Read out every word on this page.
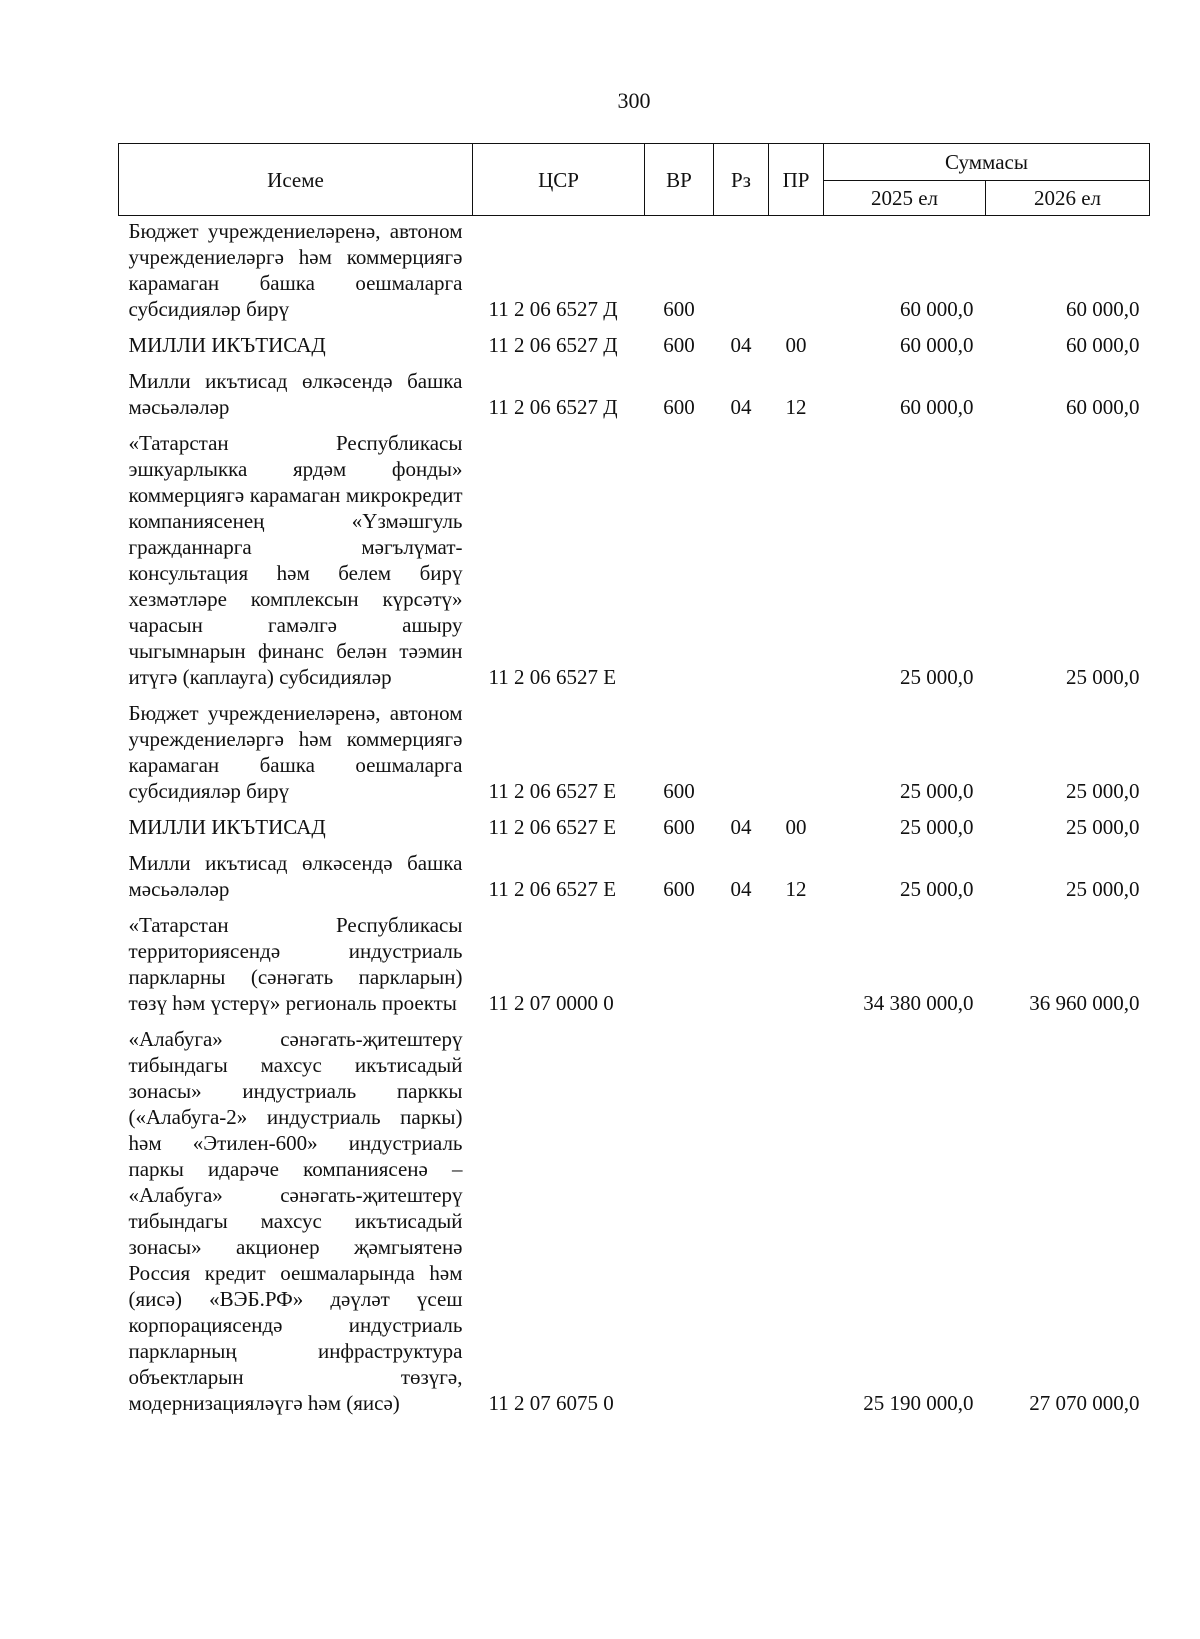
300
Исеме	ЦСР	ВР	Рз	ПР	Суммасы	
					2025 ел	2026 ел
Бюджет учреждениеләренә, автоном учреждениеләргә һәм коммерциягә карамаган башка оешмаларга субсидияләр бирү	11 2 06 6527 Д	600			60 000,0	60 000,0
МИЛЛИ ИКЪТИСАД	11 2 06 6527 Д	600	04	00	60 000,0	60 000,0
Милли икътисад өлкәсендә башка мәсьәләләр	11 2 06 6527 Д	600	04	12	60 000,0	60 000,0
«Татарстан Республикасы эшкуарлыкка ярдәм фонды» коммерциягә карамаган микрокредит компаниясенең «Үзмәшгуль гражданнарга мәгълүмат-консультация һәм белем бирү хезмәтләре комплексын күрсәтү» чарасын гамәлгә ашыру чыгымнарын финанс белән тәэмин итүгә (каплауга) субсидияләр	11 2 06 6527 Е				25 000,0	25 000,0
Бюджет учреждениеләренә, автоном учреждениеләргә һәм коммерциягә карамаган башка оешмаларга субсидияләр бирү	11 2 06 6527 Е	600			25 000,0	25 000,0
МИЛЛИ ИКЪТИСАД	11 2 06 6527 Е	600	04	00	25 000,0	25 000,0
Милли икътисад өлкәсендә башка мәсьәләләр	11 2 06 6527 Е	600	04	12	25 000,0	25 000,0
«Татарстан Республикасы территориясендә индустриаль паркларны (сәнәгать паркларын) төзү һәм үстерү» региональ проекты	11 2 07 0000 0				34 380 000,0	36 960 000,0
«Алабуга» сәнәгать-җитештерү тибындагы махсус икътисадый зонасы» индустриаль парккы («Алабуга-2» индустриаль паркы) һәм «Этилен-600» индустриаль паркы идарәче компаниясенә – «Алабуга» сәнәгать-җитештерү тибындагы махсус икътисадый зонасы» акционер җәмгыятенә Россия кредит оешмаларында һәм (яисә) «ВЭБ.РФ» дәүләт үсеш корпорациясендә индустриаль паркларның инфраструктура объектларын төзүгә, модернизацияләүгә һәм (яисә)	11 2 07 6075 0				25 190 000,0	27 070 000,0
